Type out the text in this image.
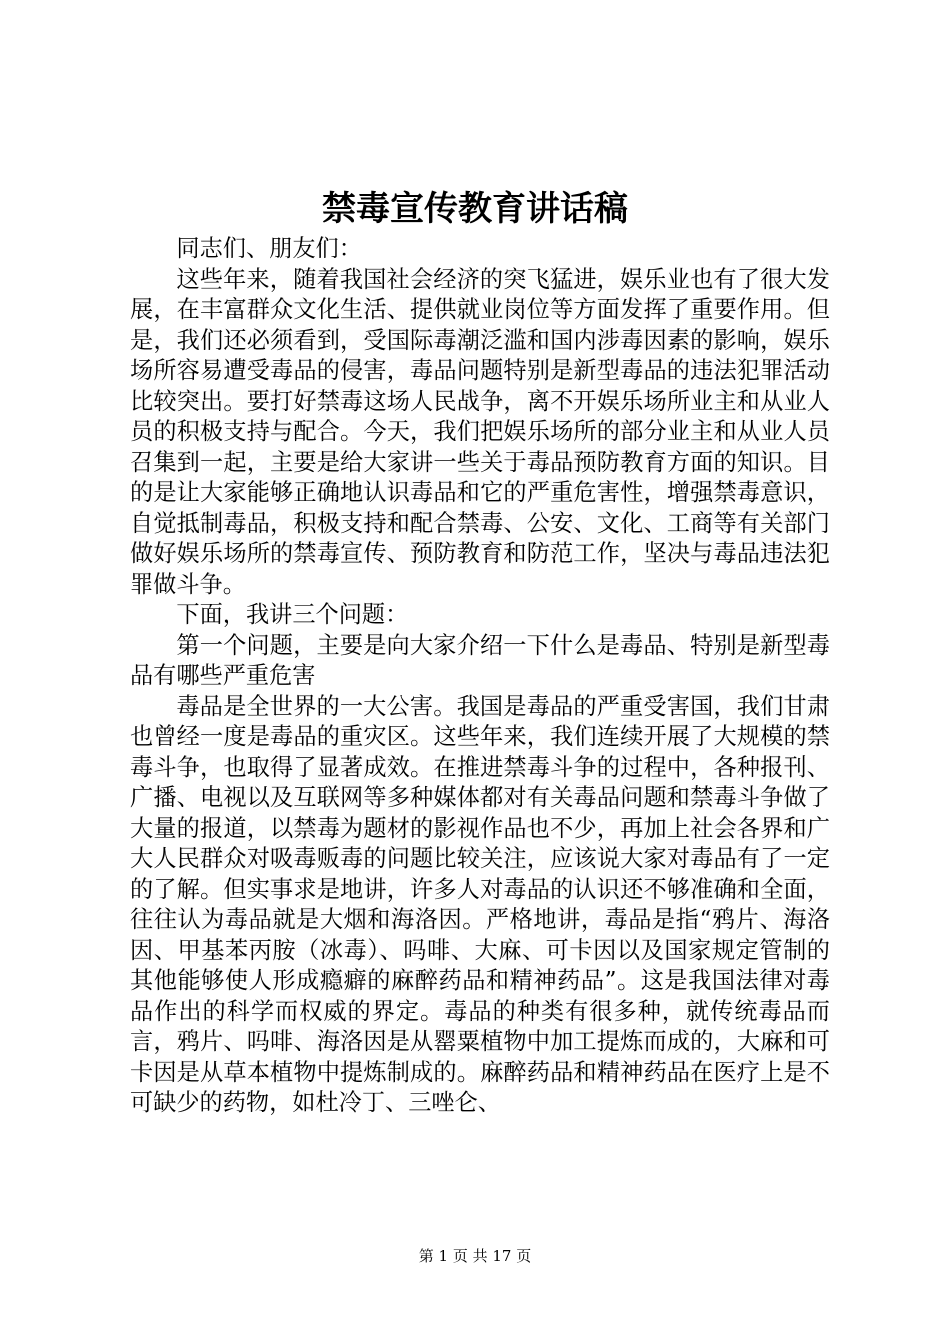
禁毒宣传教育讲话稿

同志们、朋友们：

这些年来，随着我国社会经济的突飞猛进，娱乐业也有了很大发展，在丰富群众文化生活、提供就业岗位等方面发挥了重要作用。但是，我们还必须看到，受国际毒潮泛滥和国内涉毒因素的影响，娱乐场所容易遭受毒品的侵害，毒品问题特别是新型毒品的违法犯罪活动比较突出。要打好禁毒这场人民战争，离不开娱乐场所业主和从业人员的积极支持与配合。今天，我们把娱乐场所的部分业主和从业人员召集到一起，主要是给大家讲一些关于毒品预防教育方面的知识。目的是让大家能够正确地认识毒品和它的严重危害性，增强禁毒意识，自觉抵制毒品，积极支持和配合禁毒、公安、文化、工商等有关部门做好娱乐场所的禁毒宣传、预防教育和防范工作，坚决与毒品违法犯罪做斗争。

下面，我讲三个问题：

第一个问题，主要是向大家介绍一下什么是毒品、特别是新型毒品有哪些严重危害

毒品是全世界的一大公害。我国是毒品的严重受害国，我们甘肃也曾经一度是毒品的重灾区。这些年来，我们连续开展了大规模的禁毒斗争，也取得了显著成效。在推进禁毒斗争的过程中，各种报刊、广播、电视以及互联网等多种媒体都对有关毒品问题和禁毒斗争做了大量的报道，以禁毒为题材的影视作品也不少，再加上社会各界和广大人民群众对吸毒贩毒的问题比较关注，应该说大家对毒品有了一定的了解。但实事求是地讲，许多人对毒品的认识还不够准确和全面，往往认为毒品就是大烟和海洛因。严格地讲，毒品是指“鸦片、海洛因、甲基苯丙胺（冰毒）、吗啡、大麻、可卡因以及国家规定管制的其他能够使人形成瘾癖的麻醉药品和精神药品”。这是我国法律对毒品作出的科学而权威的界定。毒品的种类有很多种，就传统毒品而言，鸦片、吗啡、海洛因是从罂粟植物中加工提炼而成的，大麻和可卡因是从草本植物中提炼制成的。麻醉药品和精神药品在医疗上是不可缺少的药物，如杜冷丁、三唑仑、

第 1 页 共 17 页
